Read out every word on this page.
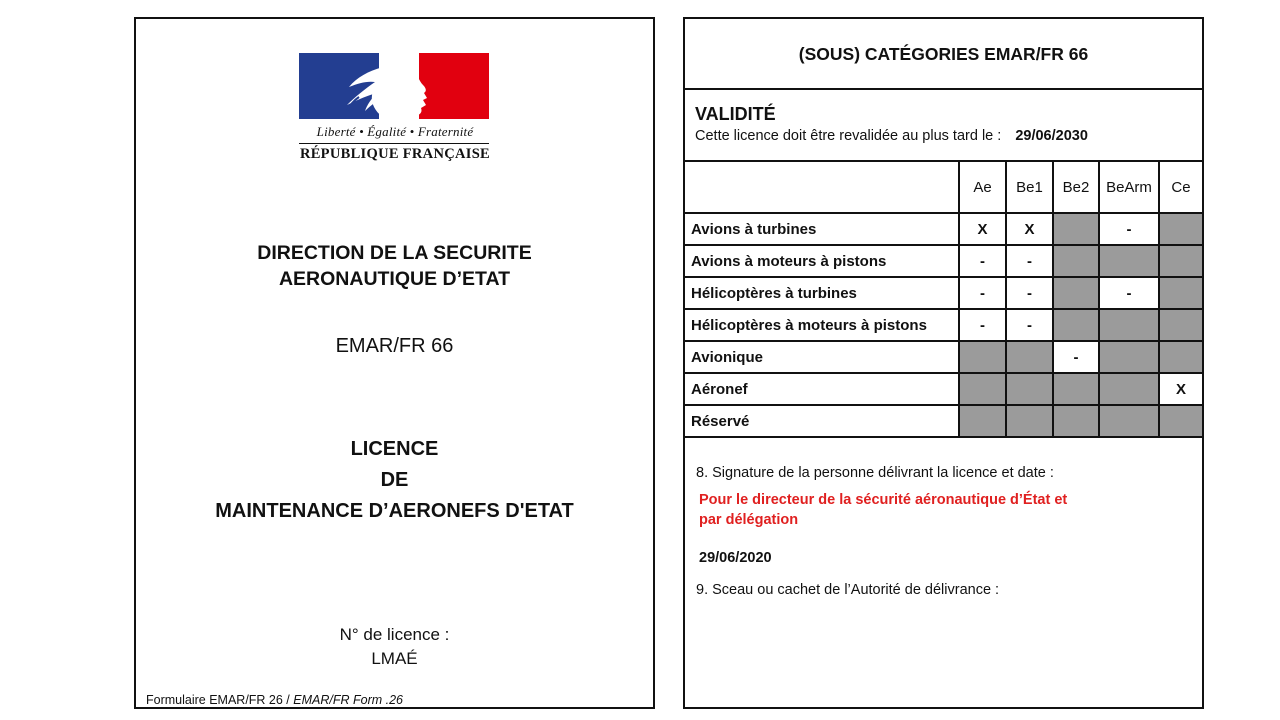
Liberté • Égalité • Fraternité
RÉPUBLIQUE FRANÇAISE
DIRECTION DE LA SECURITE
AERONAUTIQUE D’ETAT
EMAR/FR 66
LICENCE
DE
MAINTENANCE D’AERONEFS D'ETAT
N° de licence :
LMAÉ
Formulaire EMAR/FR 26 / EMAR/FR Form .26
(SOUS) CATÉGORIES EMAR/FR 66
VALIDITÉ
Cette licence doit être revalidée au plus tard le : 29/06/2030
	Ae	Be1	Be2	BeArm	Ce
Avions à turbines	X	X		-	
Avions à moteurs à pistons	-	-			
Hélicoptères à turbines	-	-		-	
Hélicoptères à moteurs à pistons	-	-			
Avionique			-		
Aéronef					X
Réservé					
8. Signature de la personne délivrant la licence et date :
Pour le directeur de la sécurité aéronautique d’État et
par délégation
29/06/2020
9. Sceau ou cachet de l’Autorité de délivrance :
